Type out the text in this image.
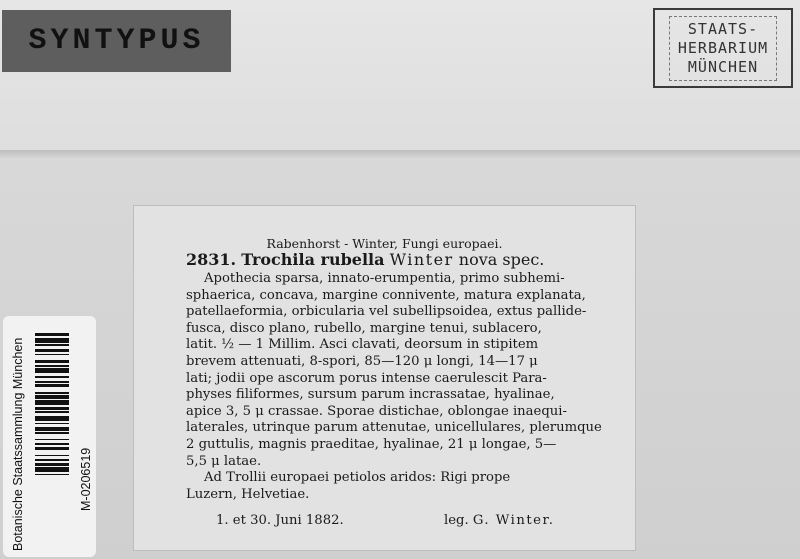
SYNTYPUS	STAATS-
HERBARIUM
MÜNCHEN
Rabenhorst - Winter, Fungi europaei.
2831. Trochila rubella Winter nova spec.

Apothecia sparsa, innato-erumpentia, primo subhemi-

sphaerica, concava, margine connivente, matura explanata,

patellaeformia, orbicularia vel subellipsoidea, extus pallide-

fusca, disco plano, rubello, margine tenui, sublacero,

latit. ½ — 1 Millim. Asci clavati, deorsum in stipitem

brevem attenuati, 8-spori, 85—120 μ longi, 14—17 μ

lati; jodii ope ascorum porus intense caerulescit Para-

physes filiformes, sursum parum incrassatae, hyalinae,

apice 3, 5 μ crassae. Sporae distichae, oblongae inaequi-

laterales, utrinque parum attenutae, unicellulares, plerumque

2 guttulis, magnis praeditae, hyalinae, 21 μ longae, 5—

5,5 μ latae.

Ad Trollii europaei petiolos aridos: Rigi prope

Luzern, Helvetiae.

1. et 30. Juni 1882.	leg. G. Winter.
Botanische Staatssammlung München	M-0206519
